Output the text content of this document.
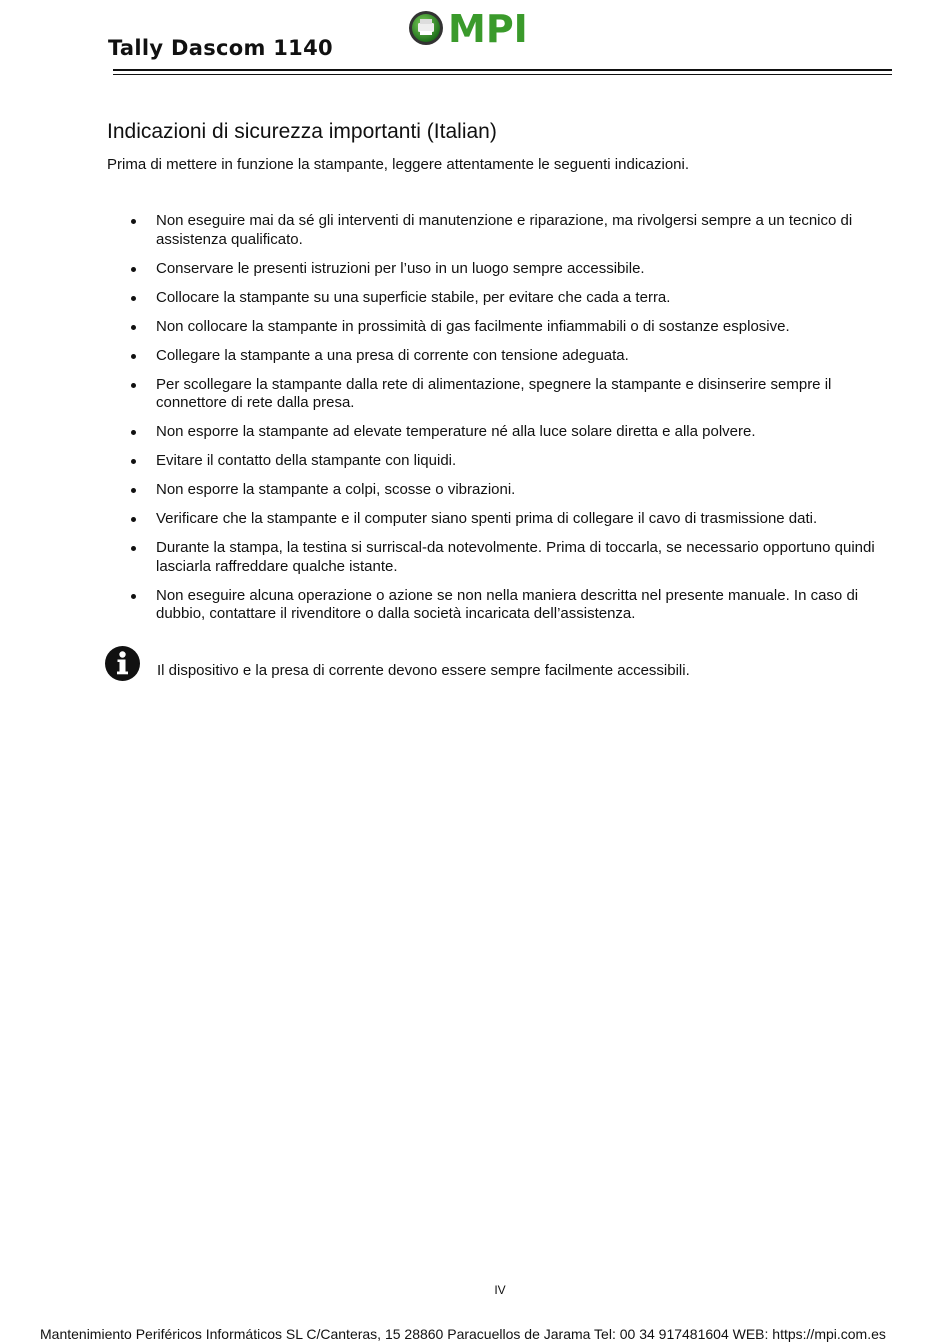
Tally Dascom 1140	MPI
Indicazioni di sicurezza importanti (Italian)

Prima di mettere in funzione la stampante, leggere attentamente le seguenti indicazioni.

Non eseguire mai da sé gli interventi di manutenzione e riparazione, ma rivolgersi sempre a un tecnico di assistenza qualificato.
Conservare le presenti istruzioni per l’uso in un luogo sempre accessibile.
Collocare la stampante su una superficie stabile, per evitare che cada a terra.
Non collocare la stampante in prossimità di gas facilmente infiammabili o di sostanze esplosive.
Collegare la stampante a una presa di corrente con tensione adeguata.
Per scollegare la stampante dalla rete di alimentazione, spegnere la stampante e disinserire sempre il connettore di rete dalla presa.
Non esporre la stampante ad elevate temperature né alla luce solare diretta e alla polvere.
Evitare il contatto della stampante con liquidi.
Non esporre la stampante a colpi, scosse o vibrazioni.
Verificare che la stampante e il computer siano spenti prima di collegare il cavo di trasmissione dati.
Durante la stampa, la testina si surriscal-da notevolmente. Prima di toccarla, se necessario opportuno quindi lasciarla raffreddare qualche istante.
Non eseguire alcuna operazione o azione se non nella maniera descritta nel presente manuale. In caso di dubbio, contattare il rivenditore o dalla società incaricata dell’assistenza.

Il dispositivo e la presa di corrente devono essere sempre facilmente accessibili.

IV
Mantenimiento Periféricos Informáticos SL C/Canteras, 15 28860 Paracuellos de Jarama Tel: 00 34 917481604 WEB: https://mpi.com.es
